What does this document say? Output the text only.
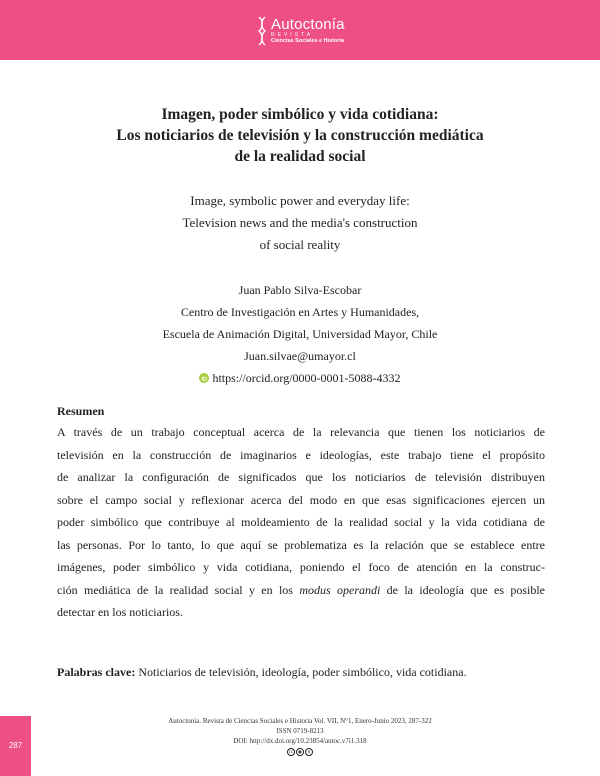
Autoctonía
REVISTA
Ciencias Sociales e Historia
Imagen, poder simbólico y vida cotidiana:
Los noticiarios de televisión y la construcción mediática
de la realidad social
Image, symbolic power and everyday life:
Television news and the media's construction
of social reality
Juan Pablo Silva-Escobar
Centro de Investigación en Artes y Humanidades,
Escuela de Animación Digital, Universidad Mayor, Chile
Juan.silvae@umayor.cl
https://orcid.org/0000-0001-5088-4332
Resumen
A través de un trabajo conceptual acerca de la relevancia que tienen los noticiarios de
televisión en la construcción de imaginarios e ideologías, este trabajo tiene el propósito
de analizar la configuración de significados que los noticiarios de televisión distribuyen
sobre el campo social y reflexionar acerca del modo en que esas significaciones ejercen un
poder simbólico que contribuye al moldeamiento de la realidad social y la vida cotidiana de
las personas. Por lo tanto, lo que aquí se problematiza es la relación que se establece entre
imágenes, poder simbólico y vida cotidiana, poniendo el foco de atención en la construc-
ción mediática de la realidad social y en los modus operandi de la ideología que es posible
detectar en los noticiarios.
Palabras clave: Noticiarios de televisión, ideología, poder simbólico, vida cotidiana.
287
Autoctonía. Revista de Ciencias Sociales e Historia Vol. VII, N°1, Enero-Junio 2023, 287-322
ISSN 0719-8213
DOI: http://dx.doi.org/10.23854/autoc.v7i1.318
cc	●	$
